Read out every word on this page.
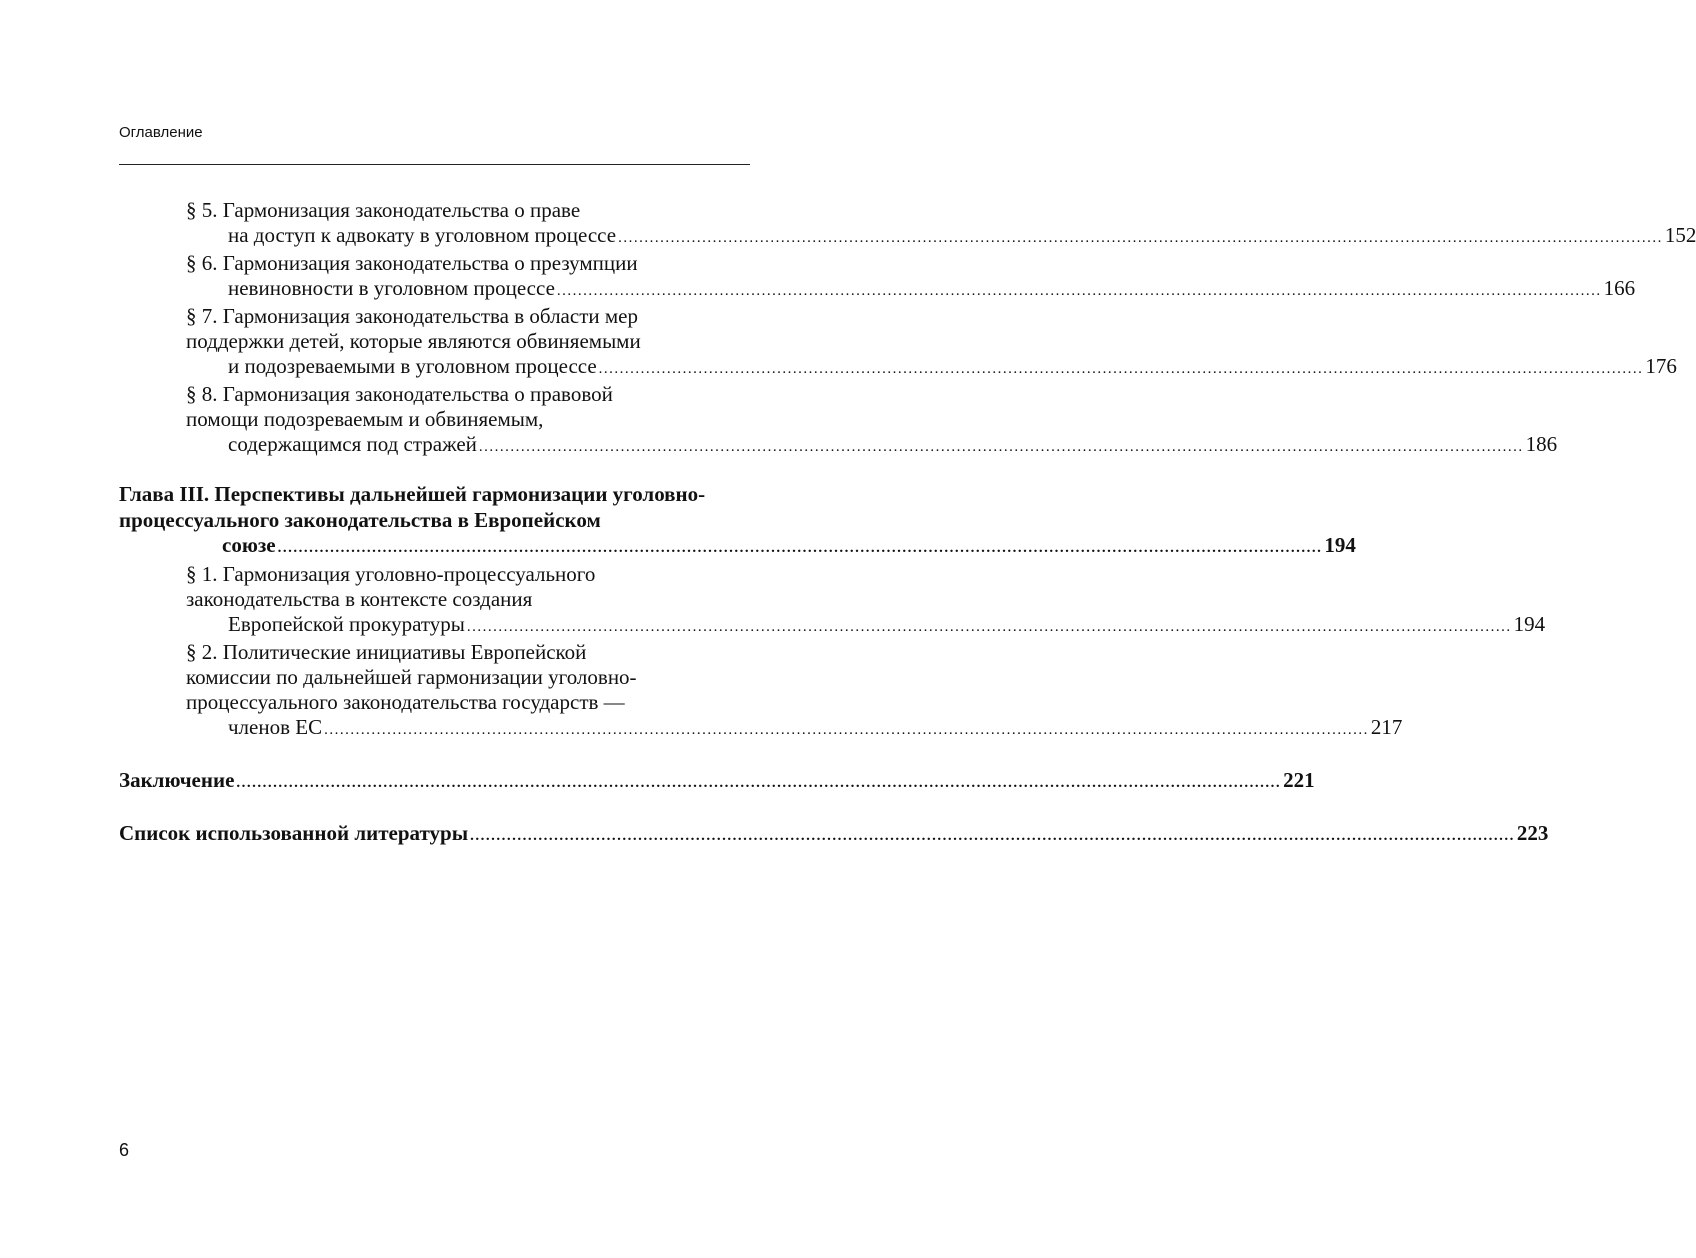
Оглавление
§ 5. Гармонизация законодательства о праве
на доступ к адвокату в уголовном процессе ....................................................................................................................................................................................................... 152
§ 6. Гармонизация законодательства о презумпции
невиновности в уголовном процессе ....................................................................................................................................................................................................... 166
§ 7. Гармонизация законодательства в области мер
поддержки детей, которые являются обвиняемыми
и подозреваемыми в уголовном процессе ....................................................................................................................................................................................................... 176
§ 8. Гармонизация законодательства о правовой
помощи подозреваемым и обвиняемым,
содержащимся под стражей ....................................................................................................................................................................................................... 186
Глава III. Перспективы дальнейшей гармонизации уголовно-
процессуального законодательства в Европейском
союзе ....................................................................................................................................................................................................... 194
§ 1. Гармонизация уголовно-процессуального
законодательства в контексте создания
Европейской прокуратуры ....................................................................................................................................................................................................... 194
§ 2. Политические инициативы Европейской
комиссии по дальнейшей гармонизации уголовно-
процессуального законодательства государств —
членов ЕС ....................................................................................................................................................................................................... 217
Заключение ....................................................................................................................................................................................................... 221
Список использованной литературы ....................................................................................................................................................................................................... 223
6
